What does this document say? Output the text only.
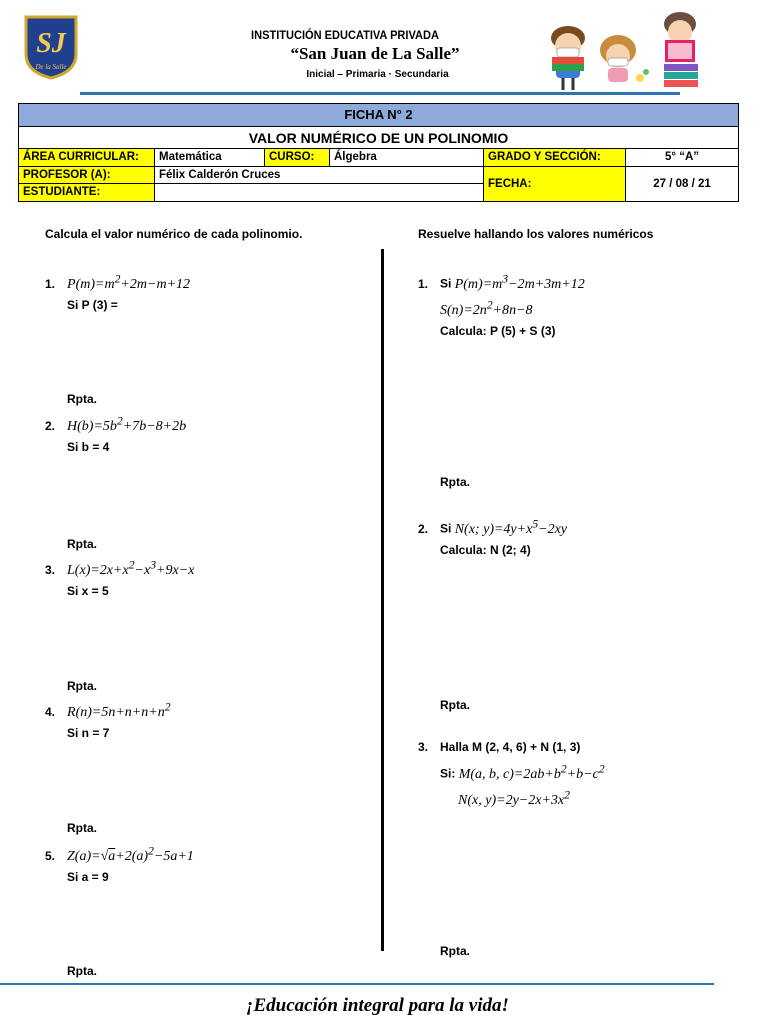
SJ
De la Salle
INSTITUCIÓN EDUCATIVA PRIVADA
“San Juan de La Salle”
Inicial – Primaria · Secundaria
FICHA N° 2
VALOR NUMÉRICO DE UN POLINOMIO
ÁREA CURRICULAR:	Matemática	CURSO:	Álgebra	GRADO Y SECCIÓN:	5° “A”
PROFESOR (A):	Félix Calderón Cruces
ESTUDIANTE:
FECHA:	27 / 08 / 21
Calcula el valor numérico de cada polinomio.	Resuelve hallando los valores numéricos
1. $P(m)=m^2+2m-m+12$
Si P (3) =
Rpta.
2. $H(b)=5b^2+7b-8+2b$
Si b = 4
Rpta.
3. $L(x)=2x+x^2-x^3+9x-x$
Si x = 5
Rpta.
4. $R(n)=5n+n+n+n^2$
Si n = 7
Rpta.
5. $Z(a)=√a+2(a)^2-5a+1$
Si a = 9
Rpta.
1. Si $P(m)=m^3-2m+3m+12$
$S(n)=2n^2+8n-8$
Calcula: P (5) + S (3)
Rpta.
2. Si N(x; $y)=4y+x^5-2xy$
Calcula: N (2; 4)
Rpta.
3. Halla M (2, 4, 6) + N (1, 3)
Si: M(a, b, $c)=2ab+b^2+b-c^2$
N(x, $y)=2y-2x+3x^2$
Rpta.
¡Educación integral para la vida!
